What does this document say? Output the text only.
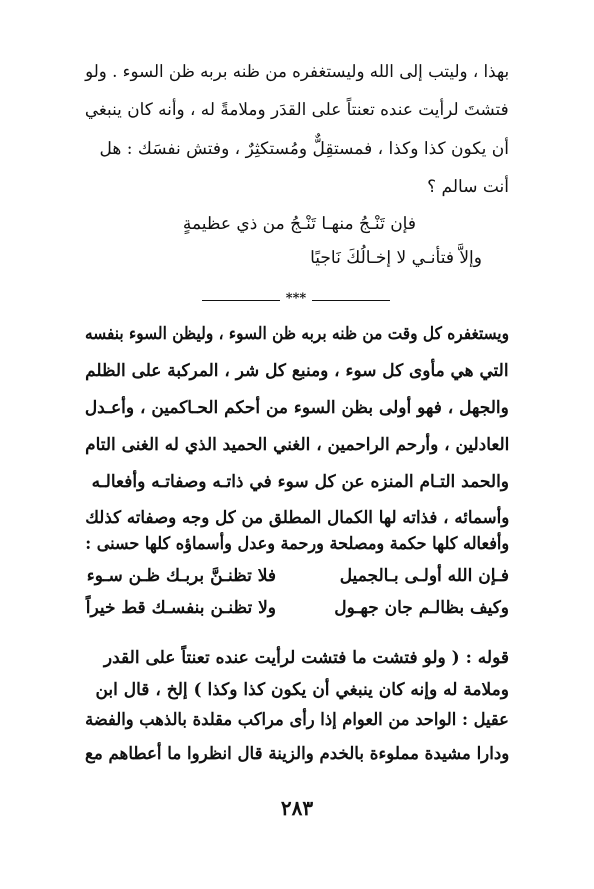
بهذا ، وليتب إلى الله وليستغفره من ظنه بربه ظن السوء . ولو
فتشتَ لرأيت عنده تعنتاً على القدَر وملامةً له ، وأنه كان ينبغي
أن يكون كذا وكذا ، فمستقِلٌّ ومُستكثِرٌ ، وفتش نفسَك : هل
أنت سالم ؟
فإن تَنْـجُ منهـا تَنْـجُ من ذي عظيمةٍ
وإلاَّ فتأنـي لا إخـالُكَ نَاجيًا
***
ويستغفره كل وقت من ظنه بربه ظن السوء ، وليظن السوء بنفسه
التي هي مأوى كل سوء ، ومنبع كل شر ، المركبة على الظلم
والجهل ، فهو أولى بظن السوء من أحكم الحـاكمين ، وأعـدل
العادلين ، وأرحم الراحمين ، الغني الحميد الذي له الغنى التام
والحمد التـام المنزه عن كل سوء في ذاتـه وصفاتـه وأفعالـه
وأسمائه ، فذاته لها الكمال المطلق من كل وجه وصفاته كذلك
وأفعاله كلها حكمة ومصلحة ورحمة وعدل وأسماؤه كلها حسنى :
فلا تظنـنَّ بربـك ظـن سـوء	فـإن الله أولـى بـالجميل
ولا تظنـن بنفسـك قط خيراً	وكيف بظالـم جان جهـول
قوله : ( ولو فتشت ما فتشت لرأيت عنده تعنتاً على القدر
وملامة له وإنه كان ينبغي أن يكون كذا وكذا ) إلخ ، قال ابن
عقيل : الواحد من العوام إذا رأى مراكب مقلدة بالذهب والفضة
ودارا مشيدة مملوءة بالخدم والزينة قال انظروا ما أعطاهم مع
٢٨٣
